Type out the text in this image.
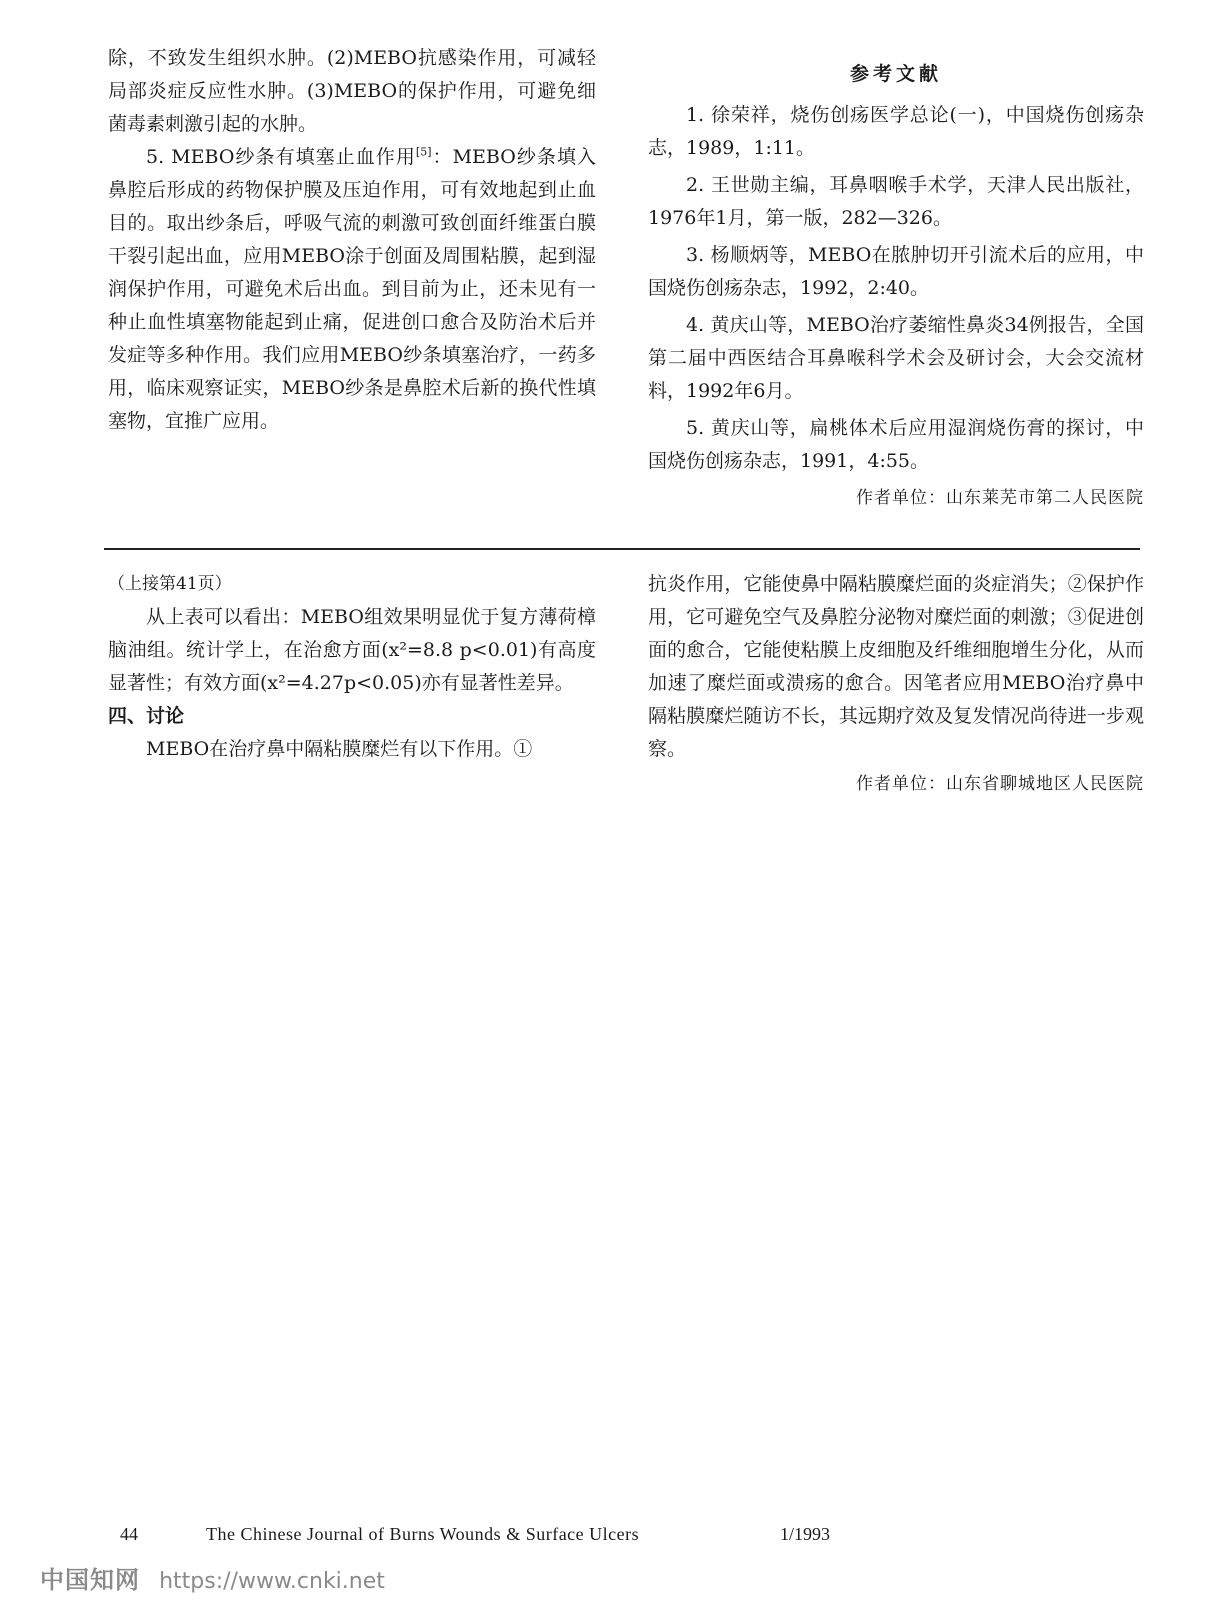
除，不致发生组织水肿。(2)MEBO抗感染作用，可减轻局部炎症反应性水肿。(3)MEBO的保护作用，可避免细菌毒素刺激引起的水肿。

5. MEBO纱条有填塞止血作用[5]：MEBO纱条填入鼻腔后形成的药物保护膜及压迫作用，可有效地起到止血目的。取出纱条后，呼吸气流的刺激可致创面纤维蛋白膜干裂引起出血，应用MEBO涂于创面及周围粘膜，起到湿润保护作用，可避免术后出血。到目前为止，还未见有一种止血性填塞物能起到止痛，促进创口愈合及防治术后并发症等多种作用。我们应用MEBO纱条填塞治疗，一药多用，临床观察证实，MEBO纱条是鼻腔术后新的换代性填塞物，宜推广应用。

参考文献

1. 徐荣祥，烧伤创疡医学总论(一)，中国烧伤创疡杂志，1989，1:11。

2. 王世勋主编，耳鼻咽喉手术学，天津人民出版社，1976年1月，第一版，282—326。

3. 杨顺炳等，MEBO在脓肿切开引流术后的应用，中国烧伤创疡杂志，1992，2:40。

4. 黄庆山等，MEBO治疗萎缩性鼻炎34例报告，全国第二届中西医结合耳鼻喉科学术会及研讨会，大会交流材料，1992年6月。

5. 黄庆山等，扁桃体术后应用湿润烧伤膏的探讨，中国烧伤创疡杂志，1991，4:55。

作者单位：山东莱芜市第二人民医院

（上接第41页）

从上表可以看出：MEBO组效果明显优于复方薄荷樟脑油组。统计学上，在治愈方面(x²=8.8 p<0.01)有高度显著性；有效方面(x²=4.27p<0.05)亦有显著性差异。

四、讨论

MEBO在治疗鼻中隔粘膜糜烂有以下作用。①

抗炎作用，它能使鼻中隔粘膜糜烂面的炎症消失；②保护作用，它可避免空气及鼻腔分泌物对糜烂面的刺激；③促进创面的愈合，它能使粘膜上皮细胞及纤维细胞增生分化，从而加速了糜烂面或溃疡的愈合。因笔者应用MEBO治疗鼻中隔粘膜糜烂随访不长，其远期疗效及复发情况尚待进一步观察。

作者单位：山东省聊城地区人民医院

44	The Chinese Journal of Burns Wounds & Surface Ulcers	1/1993
中国知网 https://www.cnki.net
